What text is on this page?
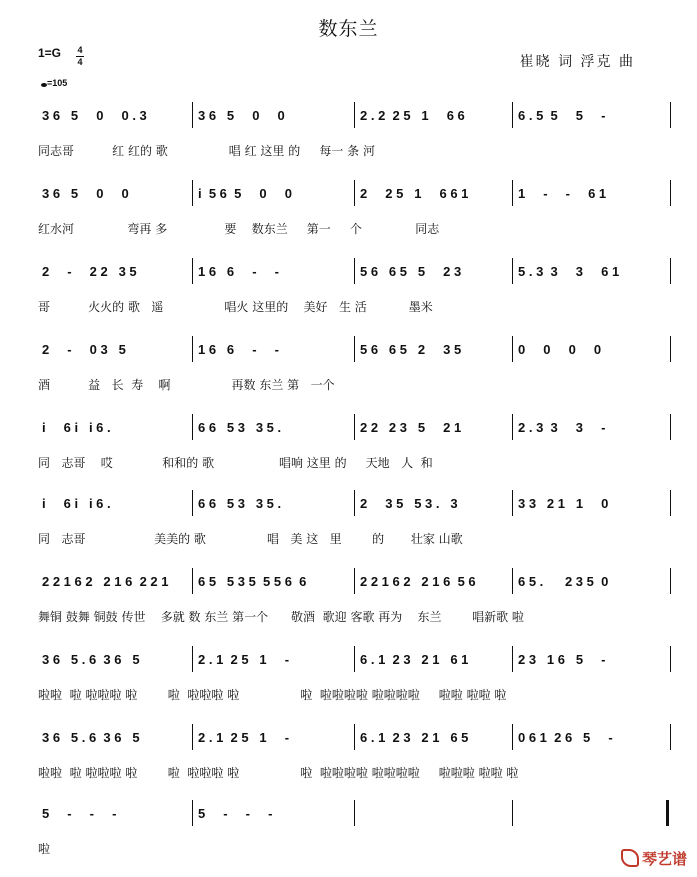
数东兰
崔晓 词 浮克 曲
1=G 4
4
=105
3 6   5     0     0 . 3	3 6   5     0     0	2 . 2  2 5   1     6 6	6 . 5  5     5     -
同志哥          红 红的 歌                唱 红 这里 的     每一 条 河
3 6   5     0     0	i  5 6  5     0     0	2     2 5   1     6 6 1	1     -     -     6 1
红水河              弯再 多               要    数东兰     第一     个              同志
2     -     2 2   3 5	1 6   6     -     -	5 6   6 5   5     2 3	5 . 3  3     3     6 1
哥          火火的 歌   遥                唱火 这里的    美好   生 活           墨米
2     -     0 3   5	1 6   6     -     -	5 6   6 5   2     3 5	0     0     0     0
酒          益   长  寿    啊                再数 东兰 第   一个
i     6 i   i 6 .	6 6   5 3   3 5 .	2 2   2 3   5     2 1	2 . 3  3     3     -
同   志哥    哎             和和的 歌                 唱响 这里 的     天地   人  和
i     6 i   i 6 .	6 6   5 3   3 5 .	2     3 5   5 3 .   3	3 3   2 1   1     0
同   志哥                  美美的 歌                唱   美 这   里        的       壮家 山歌
2 2 1 6 2   2 1 6  2 2 1	6 5   5 3 5  5 5 6  6	2 2 1 6 2   2 1 6  5 6	6 5 .      2 3 5  0
舞铜 鼓舞 铜鼓 传世    多就 数 东兰 第一个      敬酒  歌迎 客歌 再为    东兰        唱新歌 啦
3 6   5 . 6  3 6   5	2 . 1  2 5   1     -	6 . 1  2 3   2 1   6 1	2 3   1 6   5     -
啦啦  啦 啦啦啦 啦        啦  啦啦啦 啦                啦  啦啦啦啦 啦啦啦啦     啦啦 啦啦 啦
3 6   5 . 6  3 6   5	2 . 1  2 5   1     -	6 . 1  2 3   2 1   6 5	0 6 1  2 6   5     -
啦啦  啦 啦啦啦 啦        啦  啦啦啦 啦                啦  啦啦啦啦 啦啦啦啦     啦啦啦 啦啦 啦
5     -     -     -	5     -     -     -
啦
琴艺谱
